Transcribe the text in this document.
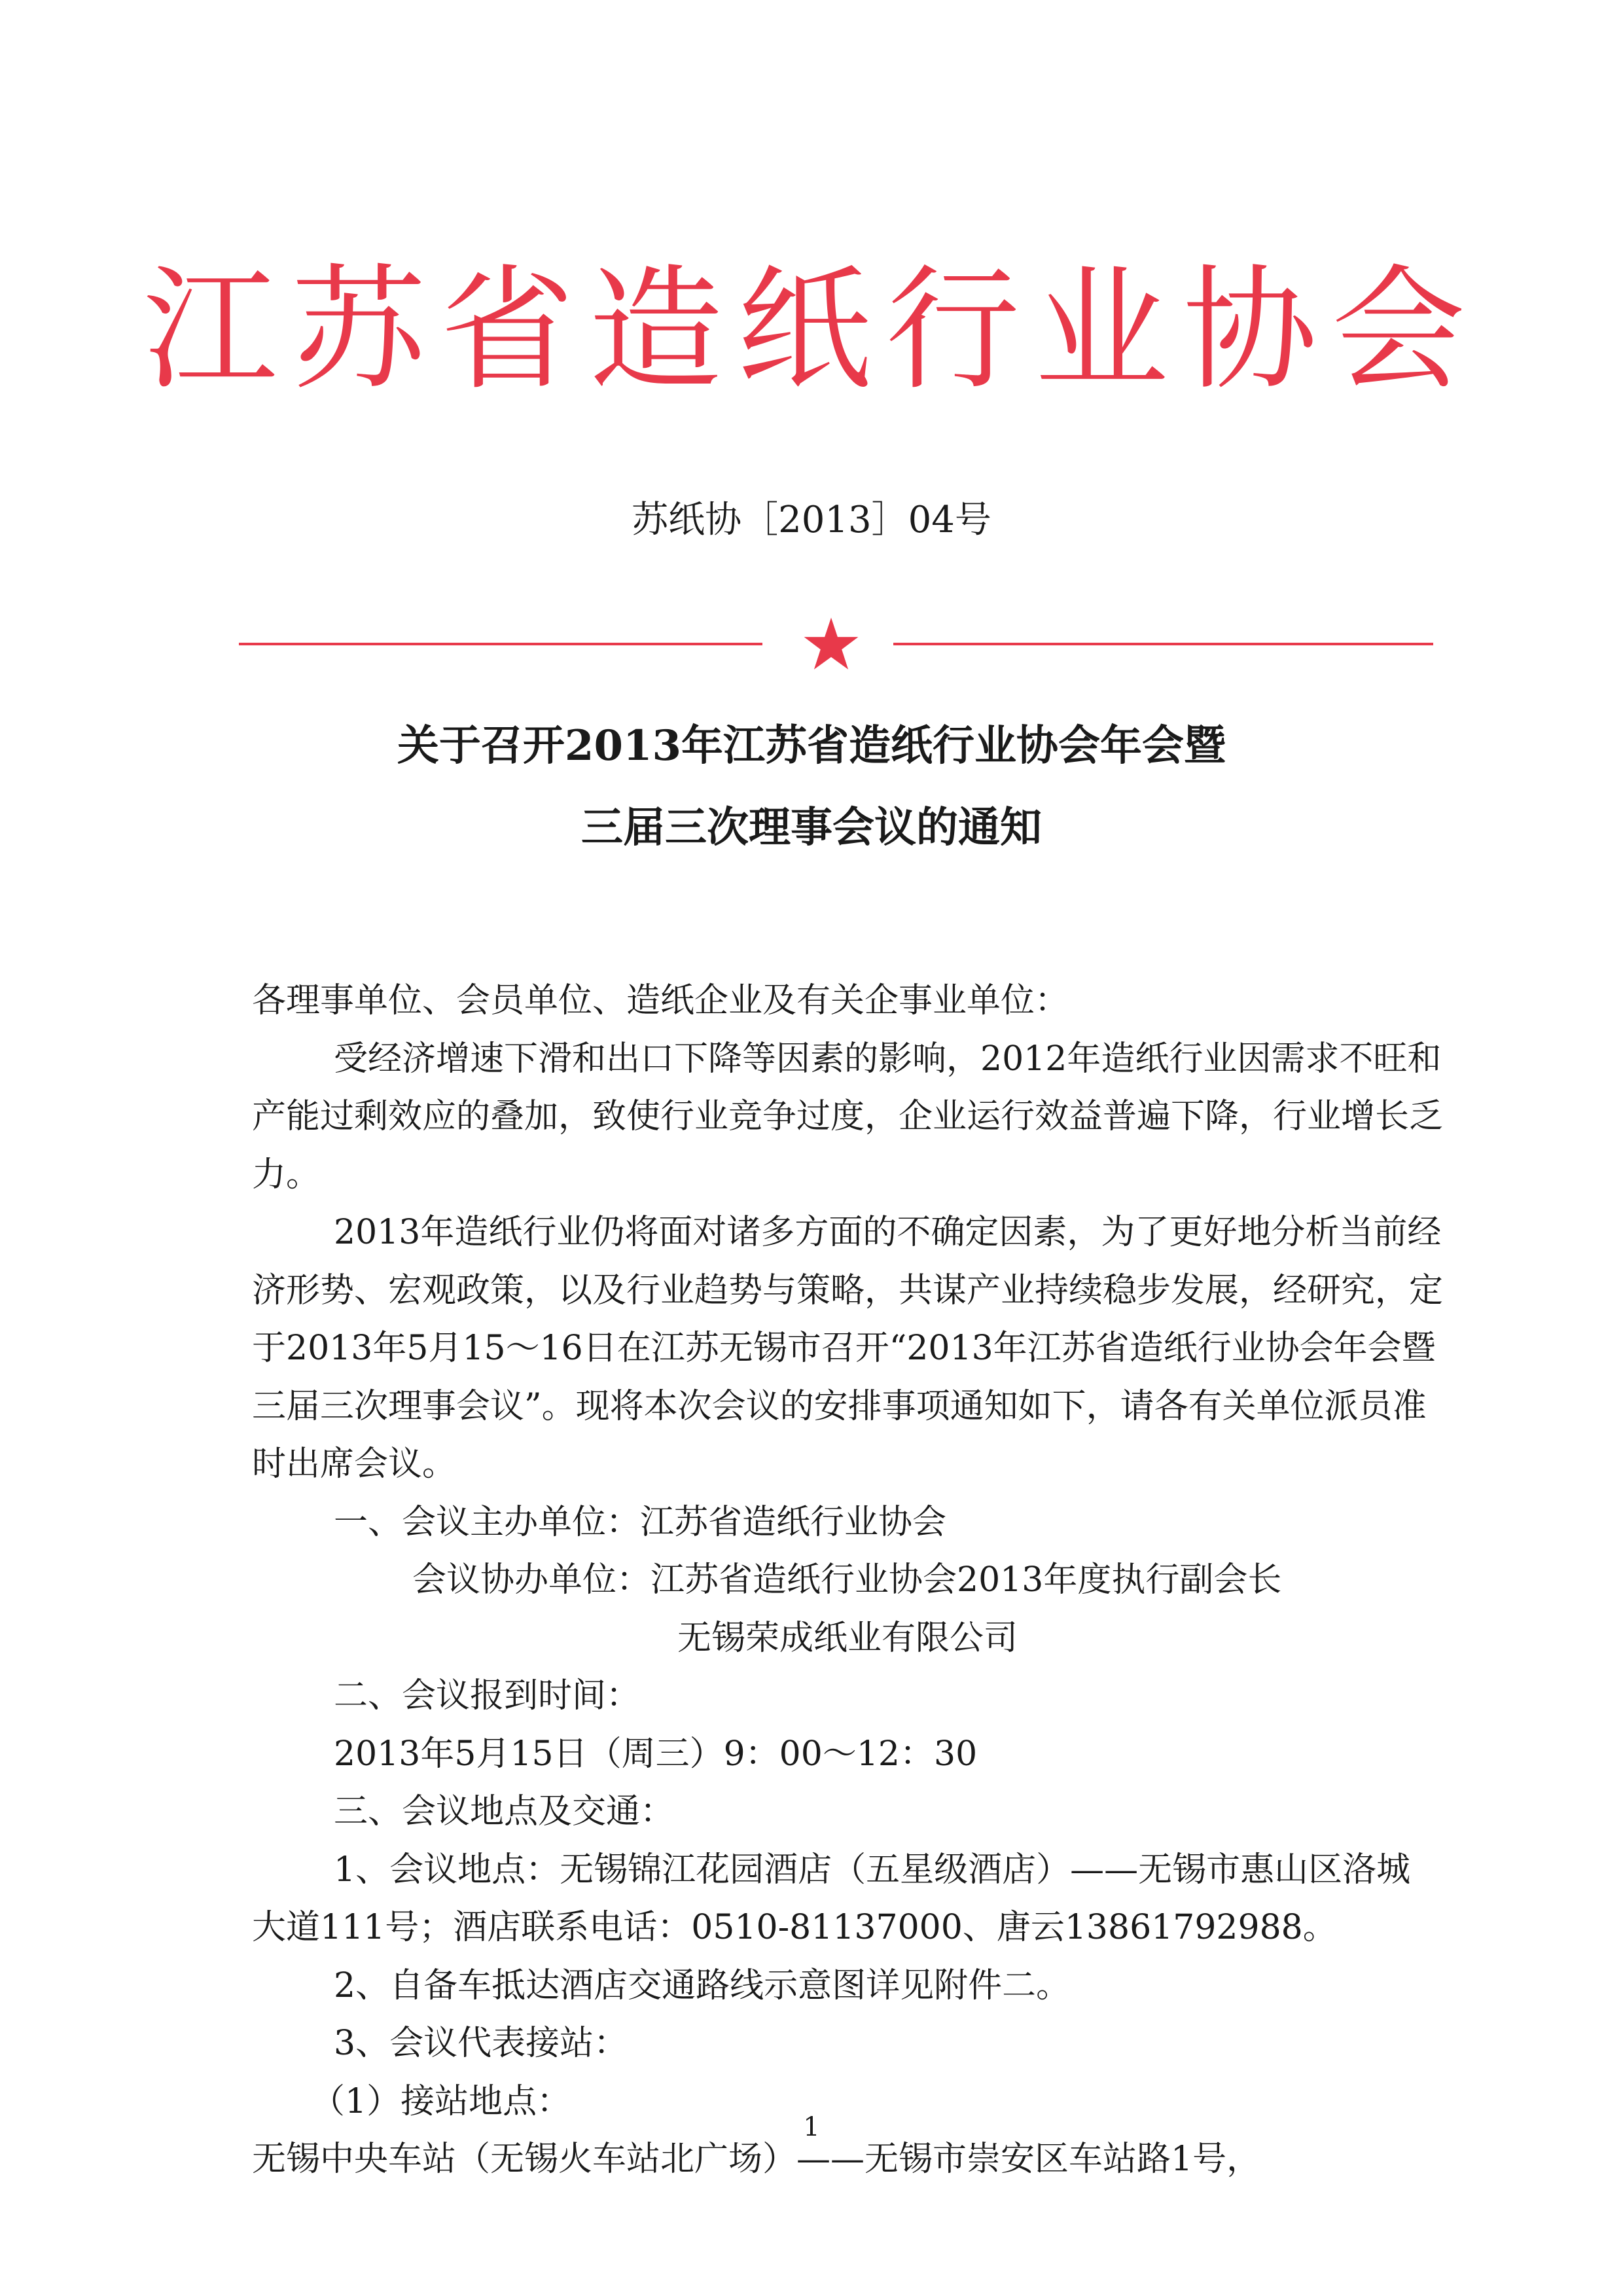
江苏省造纸行业协会
苏纸协［2013］04号
关于召开2013年江苏省造纸行业协会年会暨
三届三次理事会议的通知

各理事单位、会员单位、造纸企业及有关企事业单位：

受经济增速下滑和出口下降等因素的影响，2012年造纸行业因需求不旺和产能过剩效应的叠加，致使行业竞争过度，企业运行效益普遍下降，行业增长乏力。

2013年造纸行业仍将面对诸多方面的不确定因素，为了更好地分析当前经济形势、宏观政策，以及行业趋势与策略，共谋产业持续稳步发展，经研究，定于2013年5月15～16日在江苏无锡市召开“2013年江苏省造纸行业协会年会暨三届三次理事会议”。现将本次会议的安排事项通知如下，请各有关单位派员准时出席会议。

一、会议主办单位：江苏省造纸行业协会

会议协办单位：江苏省造纸行业协会2013年度执行副会长

无锡荣成纸业有限公司

二、会议报到时间：

2013年5月15日（周三）9：00～12：30

三、会议地点及交通：

1、会议地点：无锡锦江花园酒店（五星级酒店）——无锡市惠山区洛城大道111号；酒店联系电话：0510-81137000、唐云13861792988。

2、自备车抵达酒店交通路线示意图详见附件二。

3、会议代表接站：

（1）接站地点：

无锡中央车站（无锡火车站北广场）——无锡市崇安区车站路1号，

1
